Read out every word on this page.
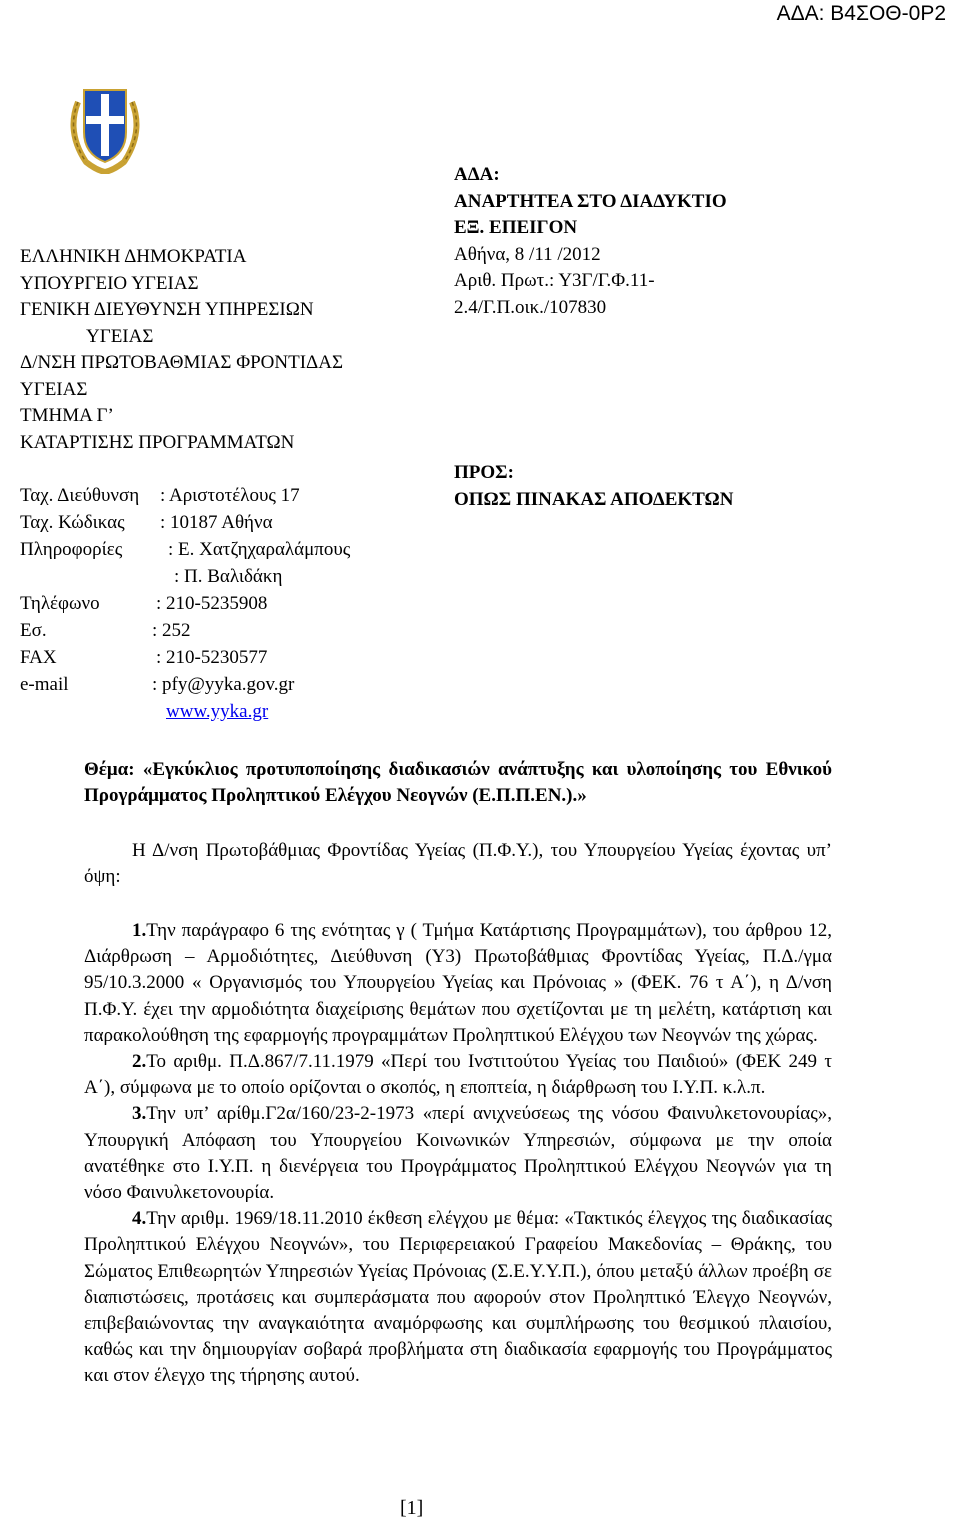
ΑΔΑ: Β4ΣΟΘ-0Ρ2
ΕΛΛΗΝΙΚΗ ΔΗΜΟΚΡΑΤΙΑ
ΥΠΟΥΡΓΕΙΟ ΥΓΕΙΑΣ
ΓΕΝΙΚΗ ΔΙΕΥΘΥΝΣΗ ΥΠΗΡΕΣΙΩΝ
ΥΓΕΙΑΣ
Δ/ΝΣΗ ΠΡΩΤΟΒΑΘΜΙΑΣ ΦΡΟΝΤΙΔΑΣ
ΥΓΕΙΑΣ
ΤΜΗΜΑ Γ’
ΚΑΤΑΡΤΙΣΗΣ ΠΡΟΓΡΑΜΜΑΤΩΝ
Ταχ. Διεύθυνση : Αριστοτέλους 17
Ταχ. Κώδικας : 10187 Αθήνα
Πληροφορίες : Ε. Χατζηχαραλάμπους
: Π. Βαλιδάκη
Τηλέφωνο	: 210-5235908
Εσ.	: 252
FAX	: 210-5230577
e-mail	: pfy@yyka.gov.gr
www.yyka.gr
ΑΔΑ:
ΑΝΑΡΤΗΤΕΑ ΣΤΟ ΔΙΑΔΥΚΤΙΟ
ΕΞ. ΕΠΕΙΓΟΝ
Αθήνα, 8 /11 /2012
Αριθ. Πρωτ.: Υ3Γ/Γ.Φ.11-
2.4/Γ.Π.οικ./107830
ΠΡΟΣ:
ΟΠΩΣ ΠΙΝΑΚΑΣ ΑΠΟΔΕΚΤΩΝ

Θέμα: «Εγκύκλιος προτυποποίησης διαδικασιών ανάπτυξης και υλοποίησης του Εθνικού Προγράμματος Προληπτικού Ελέγχου Νεογνών (Ε.Π.Π.ΕΝ.).»

Η Δ/νση Πρωτοβάθμιας Φροντίδας Υγείας (Π.Φ.Υ.), του Υπουργείου Υγείας έχοντας υπ’ όψη:

1.Την παράγραφο 6 της ενότητας γ ( Τμήμα Κατάρτισης Προγραμμάτων), του άρθρου 12, Διάρθρωση – Αρμοδιότητες, Διεύθυνση (Υ3) Πρωτοβάθμιας Φροντίδας Υγείας, Π.Δ./γμα 95/10.3.2000 « Οργανισμός του Υπουργείου Υγείας και Πρόνοιας » (ΦΕΚ. 76 τ Α΄), η Δ/νση Π.Φ.Υ. έχει την αρμοδιότητα διαχείρισης θεμάτων που σχετίζονται με τη μελέτη, κατάρτιση και παρακολούθηση της εφαρμογής προγραμμάτων Προληπτικού Ελέγχου των Νεογνών της χώρας.

2.Το αριθμ. Π.Δ.867/7.11.1979 «Περί του Ινστιτούτου Υγείας του Παιδιού» (ΦΕΚ 249 τ Α΄), σύμφωνα με το οποίο ορίζονται ο σκοπός, η εποπτεία, η διάρθρωση του Ι.Υ.Π. κ.λ.π.

3.Την υπ’ αρίθμ.Γ2α/160/23-2-1973 «περί ανιχνεύσεως της νόσου Φαινυλκετονουρίας», Υπουργική Απόφαση του Υπουργείου Κοινωνικών Υπηρεσιών, σύμφωνα με την οποία ανατέθηκε στο Ι.Υ.Π. η διενέργεια του Προγράμματος Προληπτικού Ελέγχου Νεογνών για τη νόσο Φαινυλκετονουρία.

4.Την αριθμ. 1969/18.11.2010 έκθεση ελέγχου με θέμα: «Τακτικός έλεγχος της διαδικασίας Προληπτικού Ελέγχου Νεογνών», του Περιφερειακού Γραφείου Μακεδονίας – Θράκης, του Σώματος Επιθεωρητών Υπηρεσιών Υγείας Πρόνοιας (Σ.Ε.Υ.Υ.Π.), όπου μεταξύ άλλων προέβη σε διαπιστώσεις, προτάσεις και συμπεράσματα που αφορούν στον Προληπτικό Έλεγχο Νεογνών, επιβεβαιώνοντας την αναγκαιότητα αναμόρφωσης και συμπλήρωσης του θεσμικού πλαισίου, καθώς και την δημιουργίαν σοβαρά προβλήματα στη διαδικασία εφαρμογής του Προγράμματος και στον έλεγχο της τήρησης αυτού.

[1]
